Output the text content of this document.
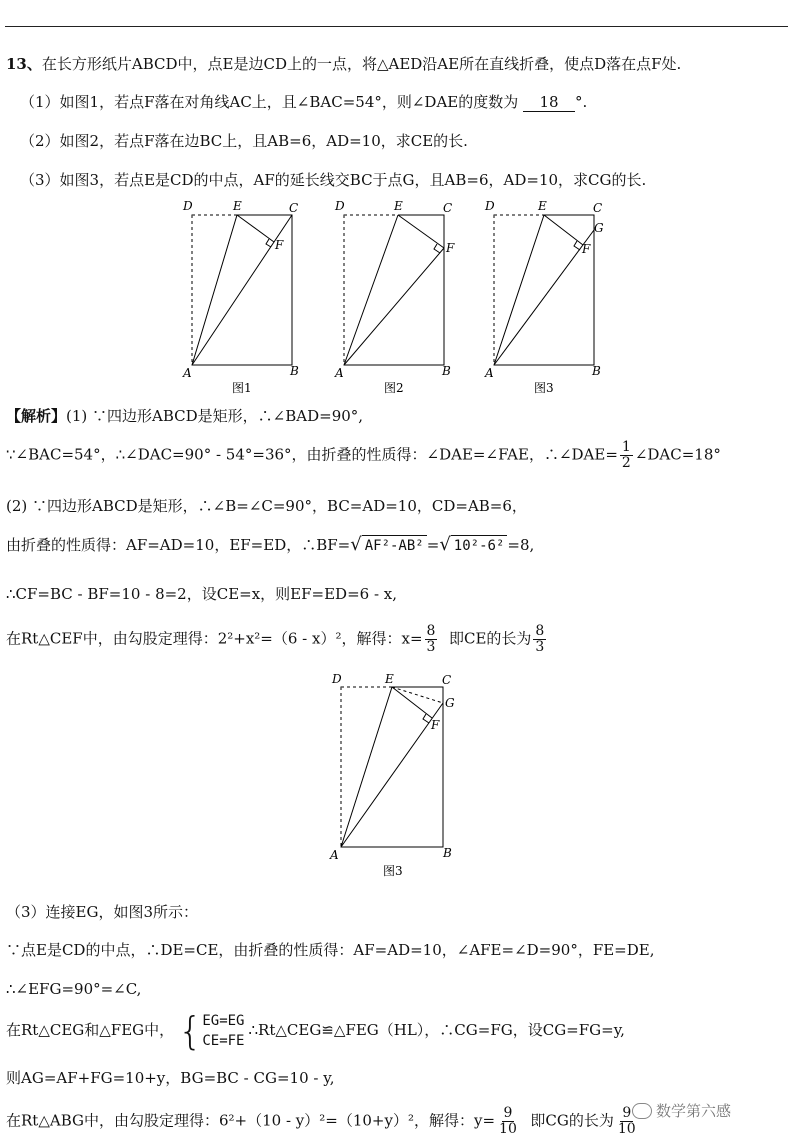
13、在长方形纸片ABCD中，点E是边CD上的一点，将△AED沿AE所在直线折叠，使点D落在点F处.
（1）如图1，若点F落在对角线AC上，且∠BAC=54°，则∠DAE的度数为 18 °.
（2）如图2，若点F落在边BC上，且AB=6，AD=10，求CE的长.
（3）如图3，若点E是CD的中点，AF的延长线交BC于点G，且AB=6，AD=10，求CG的长.
D	E	C
F
A	B
图1
D	E	C
F
A	B
图2
D	E	C
G
F
A	B
图3
【解析】(1) ∵四边形ABCD是矩形，∴∠BAD=90°,
∵∠BAC=54°，∴∠DAC=90° - 54°=36°，由折叠的性质得：∠DAE=∠FAE，∴∠DAE= $\frac{1}{2}$ ∠DAC=18°
(2) ∵四边形ABCD是矩形，∴∠B=∠C=90°，BC=AD=10，CD=AB=6，
由折叠的性质得：AF=AD=10，EF=ED，∴BF=√ AF²-AB² =√ 10²-6² =8,
∴CF=BC - BF=10 - 8=2，设CE=x，则EF=ED=6 - x,
在Rt△CEF中，由勾股定理得：2²+x²=（6 - x）²，解得：$x= \frac{8}{3}$ 即CE的长为 $\frac{8}{3}$
D	E	C
G
F
A	B
图3
（3）连接EG，如图3所示：
∵点E是CD的中点，∴DE=CE，由折叠的性质得：AF=AD=10，∠AFE=∠D=90°，FE=DE,
∴∠EFG=90°=∠C,
在Rt△CEG和△FEG中， { EG=EG
CE=FE
∴Rt△CEG≌△FEG（HL），∴CG=FG，设CG=FG=y,
则AG=AF+FG=10+y，BG=BC - CG=10 - y,
在Rt△ABG中，由勾股定理得：6²+（10 - y）²=（10+y）²，解得：$y= \frac{9}{10}$ 即CG的长为 $\frac{9}{10}$ 数学第六感
